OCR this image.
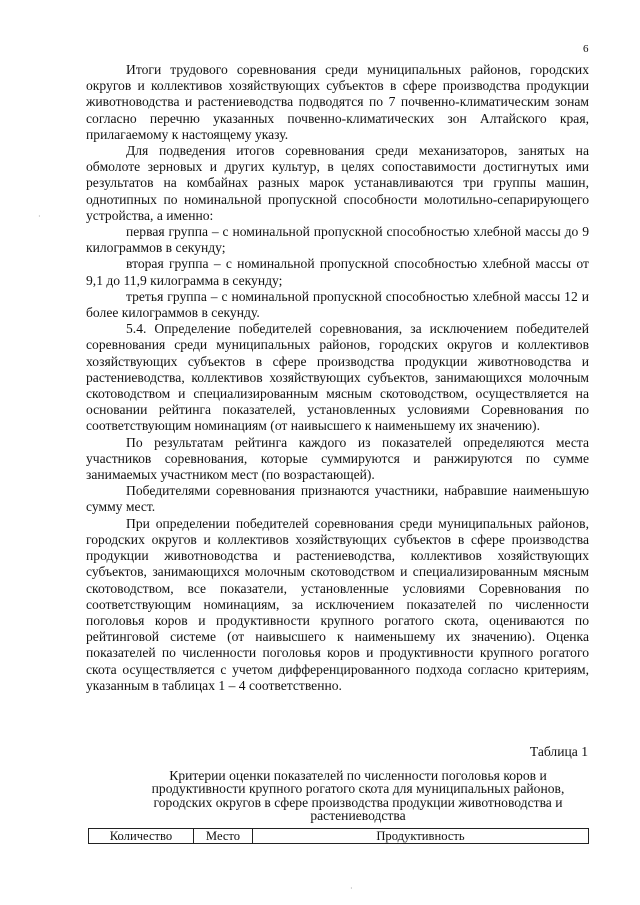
6

Итоги трудового соревнования среди муниципальных районов, городских округов и коллективов хозяйствующих субъектов в сфере производства продукции животноводства и растениеводства подводятся по 7 почвенно-климатическим зонам согласно перечню указанных почвенно-климатических зон Алтайского края, прилагаемому к настоящему указу.

Для подведения итогов соревнования среди механизаторов, занятых на обмолоте зерновых и других культур, в целях сопоставимости достигнутых ими результатов на комбайнах разных марок устанавливаются три группы машин, однотипных по номинальной пропускной способности молотильно-сепарирующего устройства, а именно:

первая группа – с номинальной пропускной способностью хлебной массы до 9 килограммов в секунду;

вторая группа – с номинальной пропускной способностью хлебной массы от 9,1 до 11,9 килограмма в секунду;

третья группа – с номинальной пропускной способностью хлебной массы 12 и более килограммов в секунду.

5.4. Определение победителей соревнования, за исключением победителей соревнования среди муниципальных районов, городских округов и коллективов хозяйствующих субъектов в сфере производства продукции животноводства и растениеводства, коллективов хозяйствующих субъектов, занимающихся молочным скотоводством и специализированным мясным скотоводством, осуществляется на основании рейтинга показателей, установленных условиями Соревнования по соответствующим номинациям (от наивысшего к наименьшему их значению).

По результатам рейтинга каждого из показателей определяются места участников соревнования, которые суммируются и ранжируются по сумме занимаемых участником мест (по возрастающей).

Победителями соревнования признаются участники, набравшие наименьшую сумму мест.

При определении победителей соревнования среди муниципальных районов, городских округов и коллективов хозяйствующих субъектов в сфере производства продукции животноводства и растениеводства, коллективов хозяйствующих субъектов, занимающихся молочным скотоводством и специализированным мясным скотоводством, все показатели, установленные условиями Соревнования по соответствующим номинациям, за исключением показателей по численности поголовья коров и продуктивности крупного рогатого скота, оцениваются по рейтинговой системе (от наивысшего к наименьшему их значению). Оценка показателей по численности поголовья коров и продуктивности крупного рогатого скота осуществляется с учетом дифференцированного подхода согласно критериям, указанным в таблицах 1 – 4 соответственно.

Таблица 1
Критерии оценки показателей по численности поголовья коров и продуктивности крупного рогатого скота для муниципальных районов, городских округов в сфере производства продукции животноводства и растениеводства
Количество	Место	Продуктивность
·
·
